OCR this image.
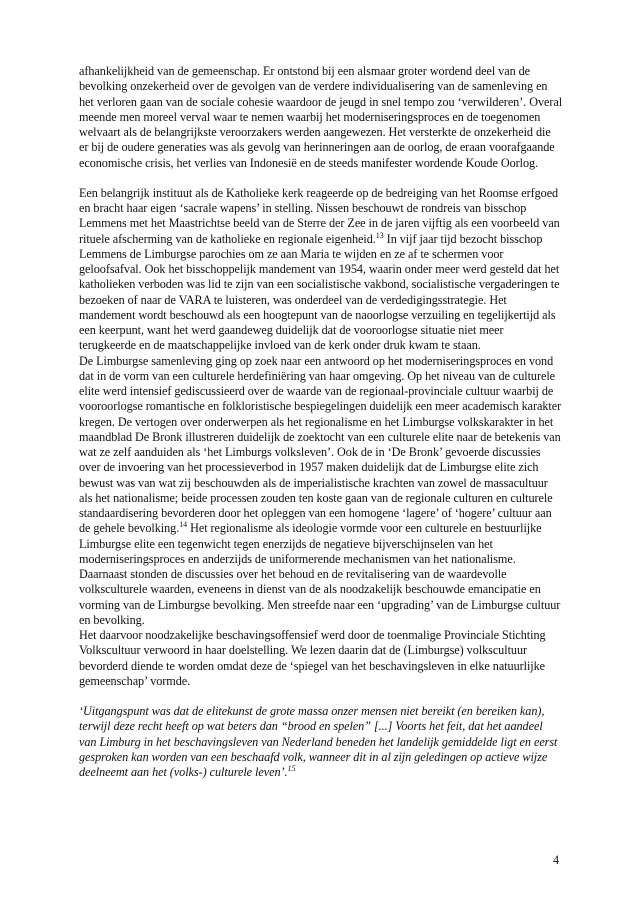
afhankelijkheid van de gemeenschap. Er ontstond bij een alsmaar groter wordend deel van de bevolking onzekerheid over de gevolgen van de verdere individualisering van de samenleving en het verloren gaan van de sociale cohesie waardoor de jeugd in snel tempo zou ‘verwilderen’. Overal meende men moreel verval waar te nemen waarbij het moderniseringsproces en de toegenomen welvaart als de belangrijkste veroorzakers werden aangewezen. Het versterkte de onzekerheid die er bij de oudere generaties was als gevolg van herinneringen aan de oorlog, de eraan voorafgaande economische crisis, het verlies van Indonesië en de steeds manifester wordende Koude Oorlog.

Een belangrijk instituut als de Katholieke kerk reageerde op de bedreiging van het Roomse erfgoed en bracht haar eigen ‘sacrale wapens’ in stelling. Nissen beschouwt de rondreis van bisschop Lemmens met het Maastrichtse beeld van de Sterre der Zee in de jaren vijftig als een voorbeeld van rituele afscherming van de katholieke en regionale eigenheid.$^{13}$ In vijf jaar tijd bezocht bisschop Lemmens de Limburgse parochies om ze aan Maria te wijden en ze af te schermen voor geloofsafval. Ook het bisschoppelijk mandement van 1954, waarin onder meer werd gesteld dat het katholieken verboden was lid te zijn van een socialistische vakbond, socialistische vergaderingen te bezoeken of naar de VARA te luisteren, was onderdeel van de verdedigingsstrategie. Het mandement wordt beschouwd als een hoogtepunt van de naoorlogse verzuiling en tegelijkertijd als een keerpunt, want het werd gaandeweg duidelijk dat de vooroorlogse situatie niet meer terugkeerde en de maatschappelijke invloed van de kerk onder druk kwam te staan.

De Limburgse samenleving ging op zoek naar een antwoord op het moderniseringsproces en vond dat in de vorm van een culturele herdefiniëring van haar omgeving. Op het niveau van de culturele elite werd intensief gediscussieerd over de waarde van de regionaal-provinciale cultuur waarbij de vooroorlogse romantische en folkloristische bespiegelingen duidelijk een meer academisch karakter kregen. De vertogen over onderwerpen als het regionalisme en het Limburgse volkskarakter in het maandblad De Bronk illustreren duidelijk de zoektocht van een culturele elite naar de betekenis van wat ze zelf aanduiden als ‘het Limburgs volksleven’. Ook de in ‘De Bronk’ gevoerde discussies over de invoering van het processieverbod in 1957 maken duidelijk dat de Limburgse elite zich bewust was van wat zij beschouwden als de imperialistische krachten van zowel de massacultuur als het nationalisme; beide processen zouden ten koste gaan van de regionale culturen en culturele standaardisering bevorderen door het opleggen van een homogene ‘lagere’ of ‘hogere’ cultuur aan de gehele bevolking.$^{14}$ Het regionalisme als ideologie vormde voor een culturele en bestuurlijke Limburgse elite een tegenwicht tegen enerzijds de negatieve bijverschijnselen van het moderniseringsproces en anderzijds de uniformerende mechanismen van het nationalisme. Daarnaast stonden de discussies over het behoud en de revitalisering van de waardevolle volksculturele waarden, eveneens in dienst van de als noodzakelijk beschouwde emancipatie en vorming van de Limburgse bevolking. Men streefde naar een ‘upgrading’ van de Limburgse cultuur en bevolking.

Het daarvoor noodzakelijke beschavingsoffensief werd door de toenmalige Provinciale Stichting Volkscultuur verwoord in haar doelstelling. We lezen daarin dat de (Limburgse) volkscultuur bevorderd diende te worden omdat deze de ‘spiegel van het beschavingsleven in elke natuurlijke gemeenschap’ vormde.

‘Uitgangspunt was dat de elitekunst de grote massa onzer mensen niet bereikt (en bereiken kan), terwijl deze recht heeft op wat beters dan “brood en spelen” [...] Voorts het feit, dat het aandeel van Limburg in het beschavingsleven van Nederland beneden het landelijk gemiddelde ligt en eerst gesproken kan worden van een beschaafd volk, wanneer dit in al zijn geledingen op actieve wijze deelneemt aan het (volks-) culturele leven’.$^{15}$

4
